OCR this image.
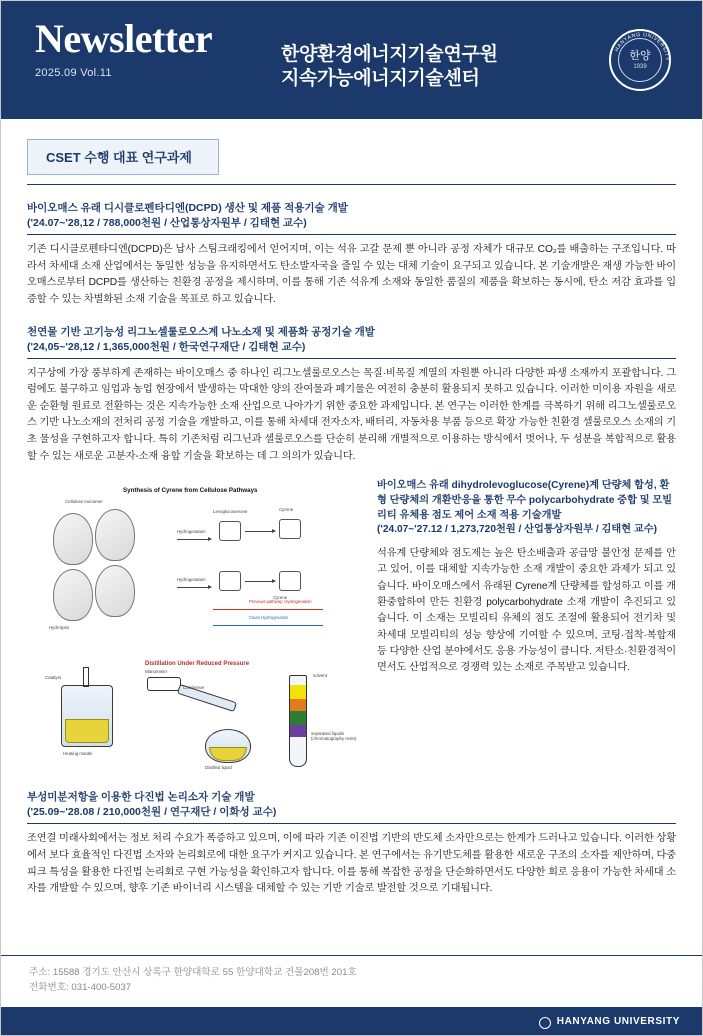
Newsletter
2025.09 Vol.11
한양환경에너지기술연구원
지속가능에너지기술센터
HANYANG UNIVERSITY
한양
1939
CSET 수행 대표 연구과제
바이오매스 유래 디시클로펜타디엔(DCPD) 생산 및 제품 적용기술 개발
('24.07~'28,12 / 788,000천원 / 산업통상자원부 / 김태현 교수)
기존 디시클로펜타디엔(DCPD)은 납사 스팀크래킹에서 얻어지며, 이는 석유 고갈 문제 뿐 아니라 공정 자체가 대규모 CO₂를 배출하는 구조입니다. 따라서 차세대 소재 산업에서는 동일한 성능을 유지하면서도 탄소발자국을 줄일 수 있는 대체 기술이 요구되고 있습니다. 본 기술개발은 재생 가능한 바이오매스로부터 DCPD를 생산하는 친환경 공정을 제시하며, 이를 통해 기존 석유계 소재와 동일한 품질의 제품을 확보하는 동시에, 탄소 저감 효과를 입증할 수 있는 차별화된 소재 기술을 목표로 하고 있습니다.
천연물 기반 고기능성 리그노셀룰로오스계 나노소재 및 제품화 공정기술 개발
('24,05~'28,12 / 1,365,000천원 / 한국연구재단 / 김태현 교수)
지구상에 가장 풍부하게 존재하는 바이오매스 중 하나인 리그노셀룰로오스는 목질·비목질 계열의 자원뿐 아니라 다양한 파생 소재까지 포괄합니다. 그럼에도 불구하고 임업과 농업 현장에서 발생하는 막대한 양의 잔여물과 폐기물은 여전히 충분히 활용되지 못하고 있습니다. 이러한 미이용 자원을 새로운 순환형 원료로 전환하는 것은 지속가능한 소재 산업으로 나아가기 위한 중요한 과제입니다. 본 연구는 이러한 한계를 극복하기 위해 리그노셀룰로오스 기반 나노소재의 전처리 공정 기술을 개발하고, 이를 통해 차세대 전자소자, 배터리, 자동차용 부품 등으로 확장 가능한 친환경 셀룰로오스 소재의 기초 물성을 구현하고자 합니다. 특히 기존처럼 리그닌과 셀룰로오스를 단순히 분리해 개별적으로 이용하는 방식에서 벗어나, 두 성분을 복합적으로 활용할 수 있는 새로운 고분자-소재 융합 기술을 확보하는 데 그 의의가 있습니다.
Synthesis of Cyrene from Cellulose Pathways
Cellulose monomer
Hydrolysis
Hydrogenation
Hydrogenation
Levoglucosenone	Cyrene
Cyrene
Previous pathway: Hydrogenation
Clean Hydrogenation
Distillation Under Reduced Pressure
Catalyst
Heating mantle
Manometer
Condenser
Distilled liquid
solvent
separated liquids (chromatography resin)
바이오매스 유래 dihydrolevoglucose(Cyrene)계 단량체 합성, 환형 단량체의 개환반응을 통한 무수 polycarbohydrate 중합 및 모빌리티 유체용 점도 제어 소재 적용 기술개발
('24.07~'27.12 / 1,273,720천원 / 산업통상자원부 / 김태현 교수)
석유계 단량체와 점도제는 높은 탄소배출과 공급망 불안정 문제를 안고 있어, 이를 대체할 지속가능한 소재 개발이 중요한 과제가 되고 있습니다. 바이오매스에서 유래된 Cyrene계 단량체를 합성하고 이를 개환중합하여 만든 친환경 polycarbohydrate 소재 개발이 추진되고 있습니다. 이 소재는 모빌리티 유체의 점도 조절에 활용되어 전기차 및 차세대 모빌리티의 성능 향상에 기여할 수 있으며, 코팅·접착·복합재 등 다양한 산업 분야에서도 응용 가능성이 큽니다. 저탄소·친환경적이면서도 산업적으로 경쟁력 있는 소재로 주목받고 있습니다.
부성미분저항을 이용한 다진법 논리소자 기술 개발
('25.09~'28.08 / 210,000천원 / 연구재단 / 이화성 교수)
조연결 미래사회에서는 정보 처리 수요가 폭증하고 있으며, 이에 따라 기존 이진법 기반의 반도체 소자만으로는 한계가 드러나고 있습니다. 이러한 상황에서 보다 효율적인 다진법 소자와 논리회로에 대한 요구가 커지고 있습니다. 본 연구에서는 유기반도체를 활용한 새로운 구조의 소자를 제안하며, 다중 피크 특성을 활용한 다진법 논리회로 구현 가능성을 확인하고자 합니다. 이를 통해 복잡한 공정을 단순화하면서도 다양한 회로 응용이 가능한 차세대 소자를 개발할 수 있으며, 향후 기존 바이너리 시스템을 대체할 수 있는 기반 기술로 발전할 것으로 기대됩니다.
주소: 15588 경기도 안산시 상록구 한양대학로 55 한양대학교 건물208번 201호
전화번호: 031-400-5037
HANYANG UNIVERSITY
